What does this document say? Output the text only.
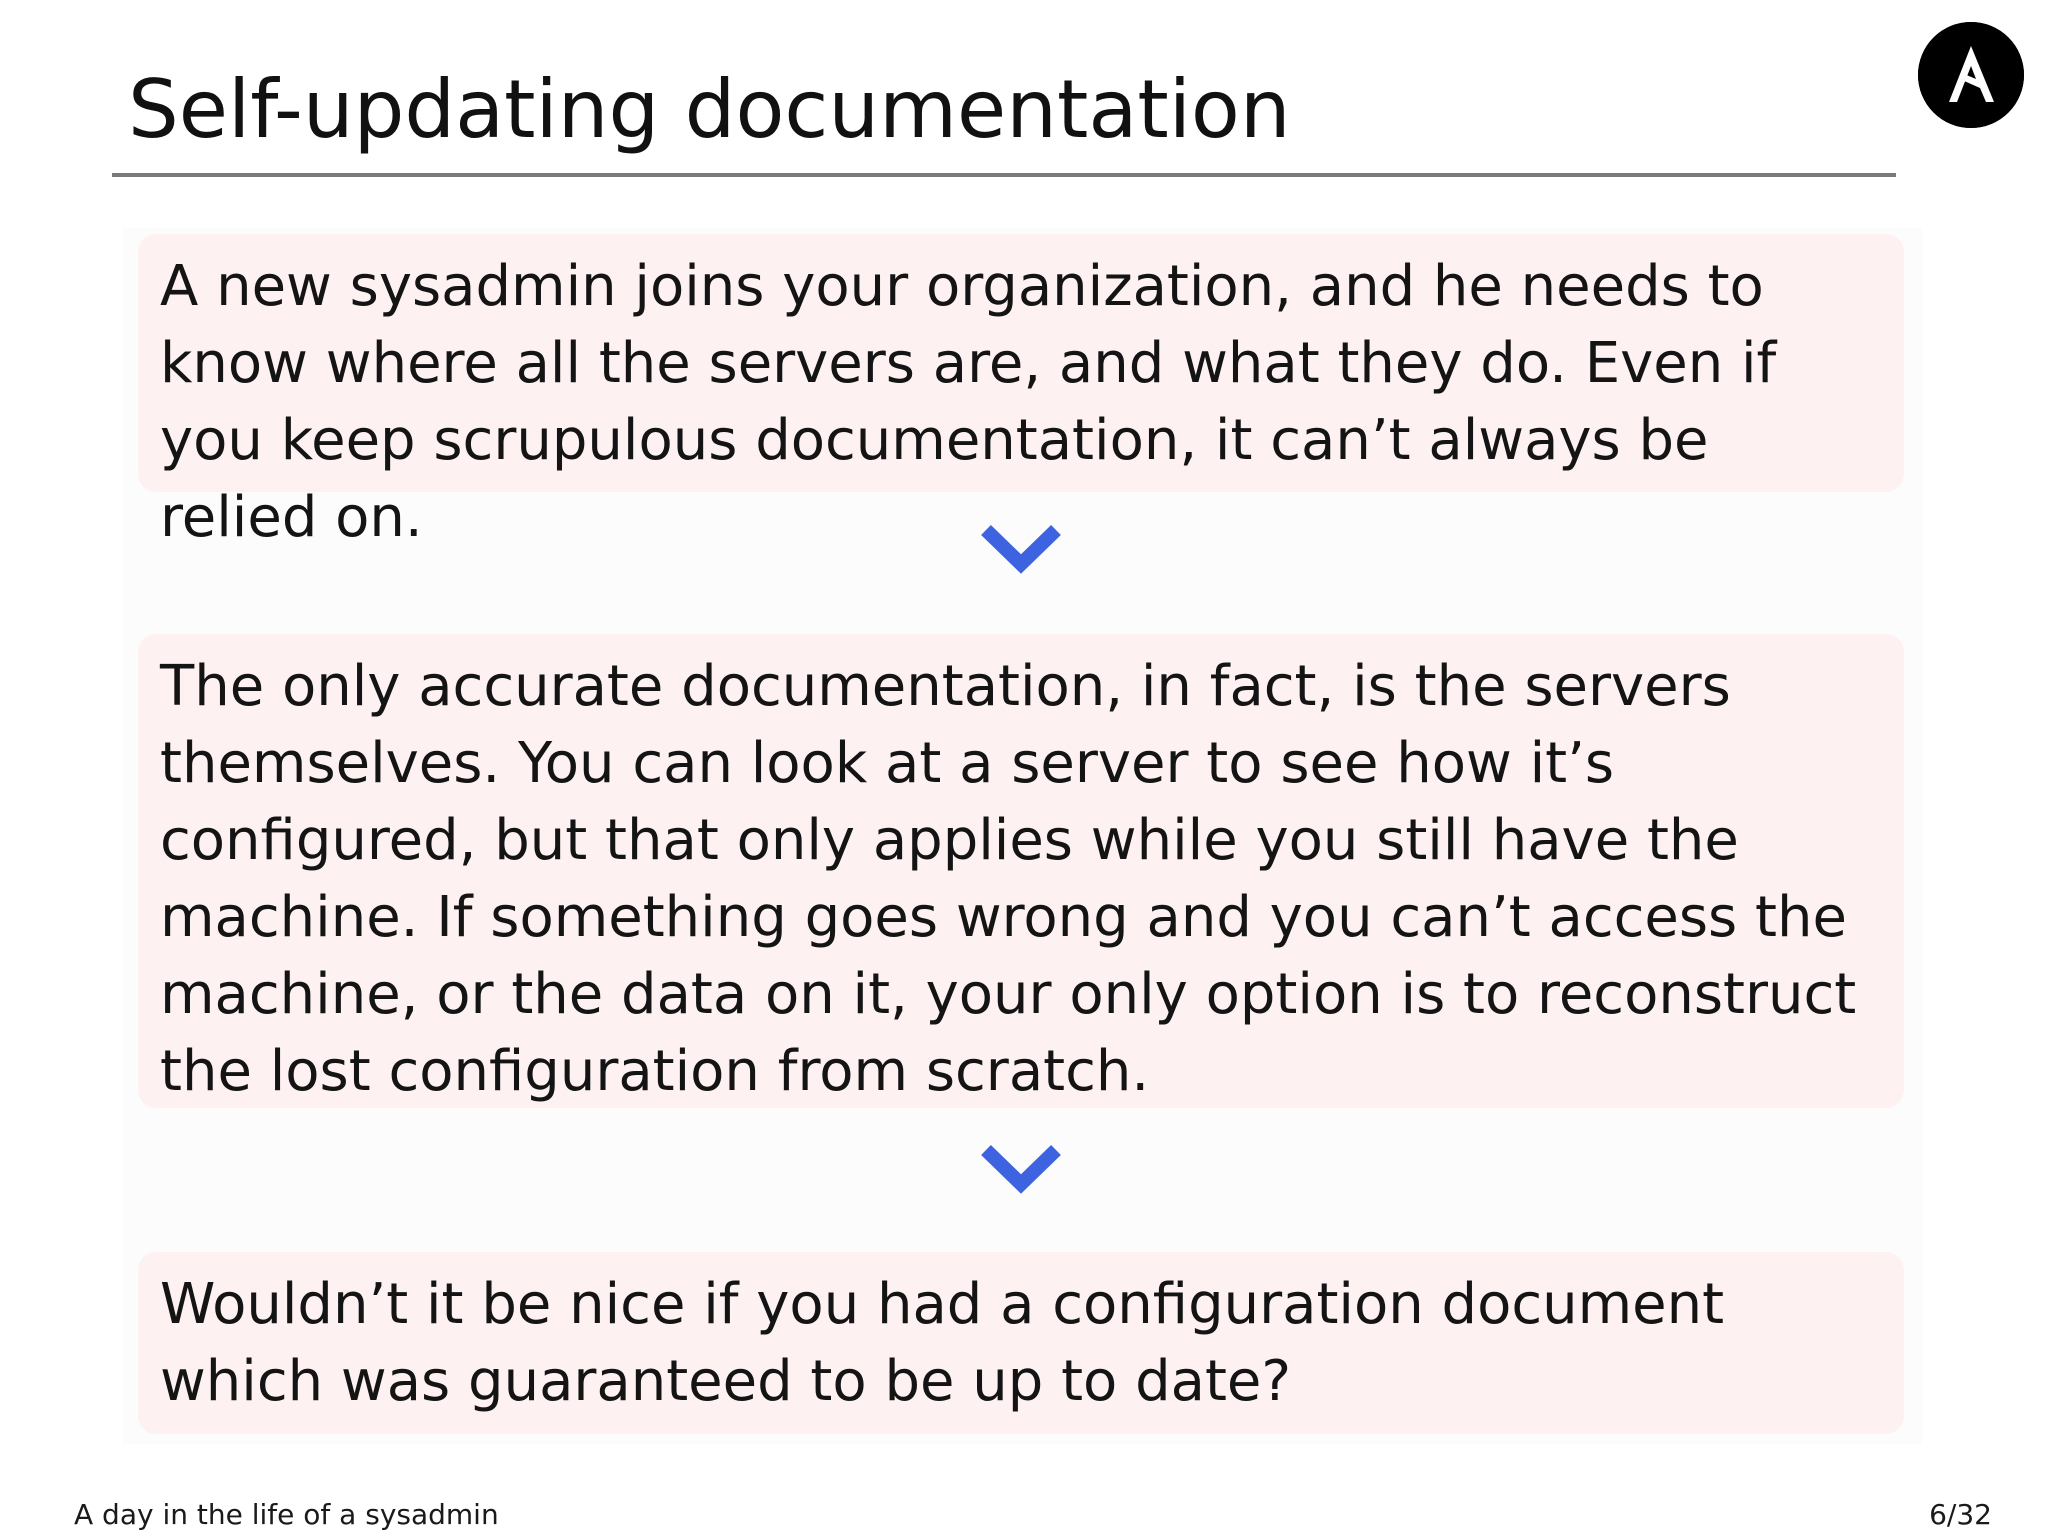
Self-updating documentation

A new sysadmin joins your organization, and he needs to know where all the servers are, and what they do. Even if you keep scrupulous documentation, it can’t always be relied on.

The only accurate documentation, in fact, is the servers themselves. You can look at a server to see how it’s configured, but that only applies while you still have the machine. If something goes wrong and you can’t access the machine, or the data on it, your only option is to reconstruct the lost configuration from scratch.

Wouldn’t it be nice if you had a configuration document which was guaranteed to be up to date?

A day in the life of a sysadmin	6/32
